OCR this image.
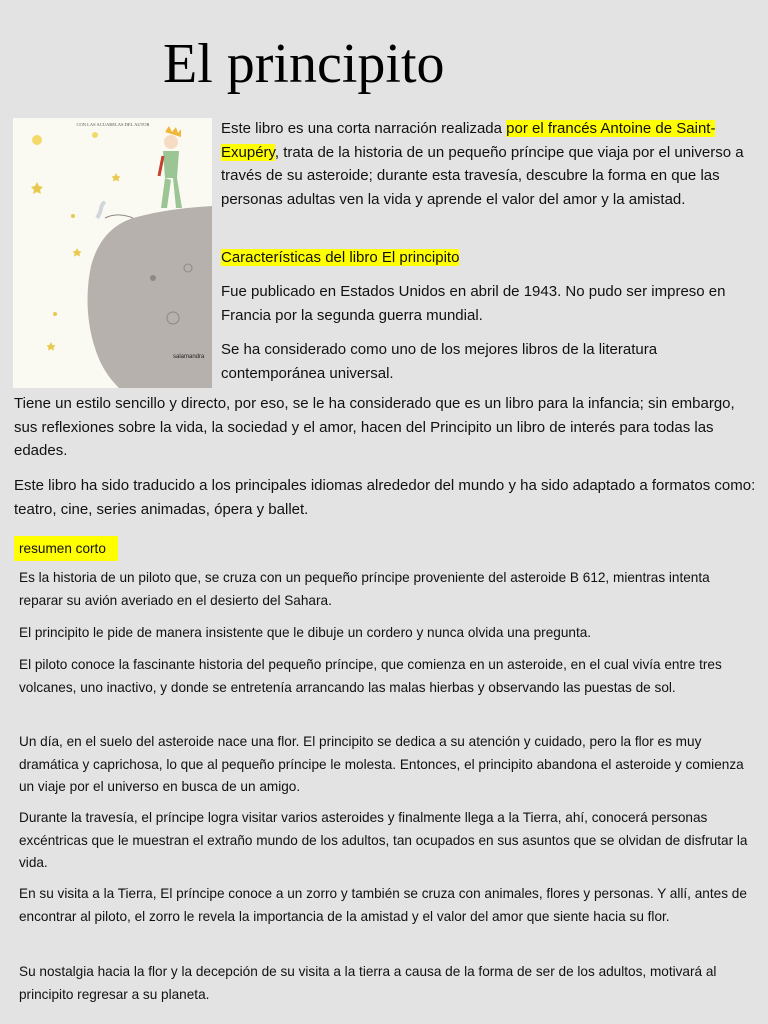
El principito
CON LAS ACUARELAS DEL AUTOR
salamandra

Este libro es una corta narración realizada por el francés Antoine de Saint-Exupéry, trata de la historia de un pequeño príncipe que viaja por el universo a través de su asteroide; durante esta travesía, descubre la forma en que las personas adultas ven la vida y aprende el valor del amor y la amistad.

Características del libro El principito

Fue publicado en Estados Unidos en abril de 1943. No pudo ser impreso en Francia por la segunda guerra mundial.

Se ha considerado como uno de los mejores libros de la literatura contemporánea universal.

Tiene un estilo sencillo y directo, por eso, se le ha considerado que es un libro para la infancia; sin embargo, sus reflexiones sobre la vida, la sociedad y el amor, hacen del Principito un libro de interés para todas las edades.

Este libro ha sido traducido a los principales idiomas alrededor del mundo y ha sido adaptado a formatos como: teatro, cine, series animadas, ópera y ballet.

resumen corto

Es la historia de un piloto que, se cruza con un pequeño príncipe proveniente del asteroide B 612, mientras intenta reparar su avión averiado en el desierto del Sahara.

El principito le pide de manera insistente que le dibuje un cordero y nunca olvida una pregunta.

El piloto conoce la fascinante historia del pequeño príncipe, que comienza en un asteroide, en el cual vivía entre tres volcanes, uno inactivo, y donde se entretenía arrancando las malas hierbas y observando las puestas de sol.

Un día, en el suelo del asteroide nace una flor. El principito se dedica a su atención y cuidado, pero la flor es muy dramática y caprichosa, lo que al pequeño príncipe le molesta. Entonces, el principito abandona el asteroide y comienza un viaje por el universo en busca de un amigo.

Durante la travesía, el príncipe logra visitar varios asteroides y finalmente llega a la Tierra, ahí, conocerá personas excéntricas que le muestran el extraño mundo de los adultos, tan ocupados en sus asuntos que se olvidan de disfrutar la vida.

En su visita a la Tierra, El príncipe conoce a un zorro y también se cruza con animales, flores y personas. Y allí, antes de encontrar al piloto, el zorro le revela la importancia de la amistad y el valor del amor que siente hacia su flor.

Su nostalgia hacia la flor y la decepción de su visita a la tierra a causa de la forma de ser de los adultos, motivará al principito regresar a su planeta.
